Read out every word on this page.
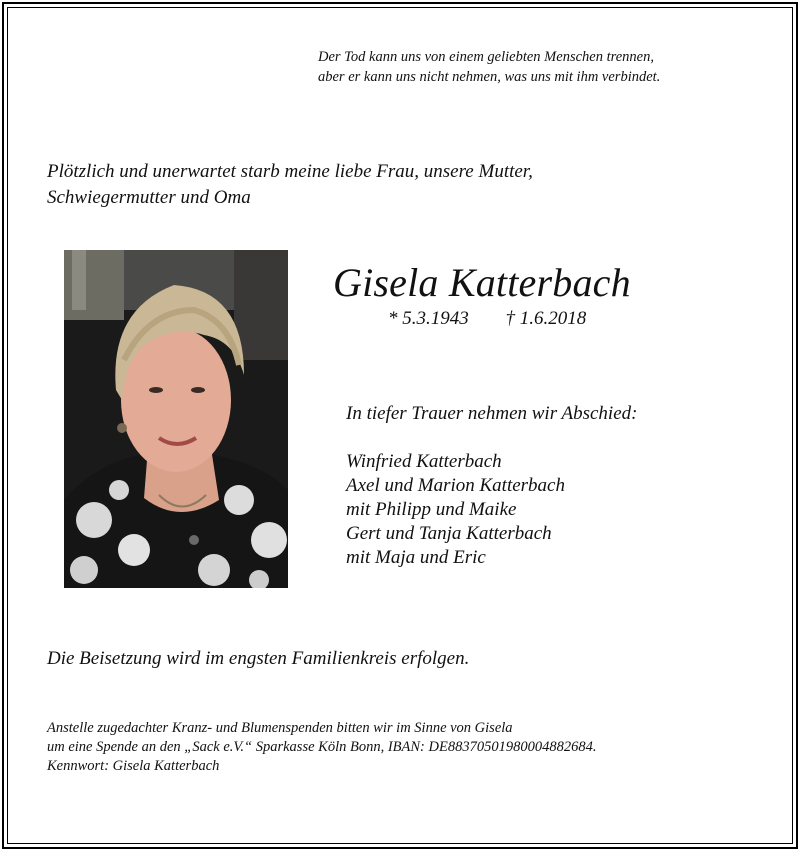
Der Tod kann uns von einem geliebten Menschen trennen,
aber er kann uns nicht nehmen, was uns mit ihm verbindet.
Plötzlich und unerwartet starb meine liebe Frau, unsere Mutter,
Schwiegermutter und Oma
Gisela Katterbach
* 5.3.1943 † 1.6.2018
In tiefer Trauer nehmen wir Abschied:
Winfried Katterbach
Axel und Marion Katterbach
mit Philipp und Maike
Gert und Tanja Katterbach
mit Maja und Eric
Die Beisetzung wird im engsten Familienkreis erfolgen.
Anstelle zugedachter Kranz- und Blumenspenden bitten wir im Sinne von Gisela
um eine Spende an den „Sack e.V.“ Sparkasse Köln Bonn, IBAN: DE88370501980004882684.
Kennwort: Gisela Katterbach
